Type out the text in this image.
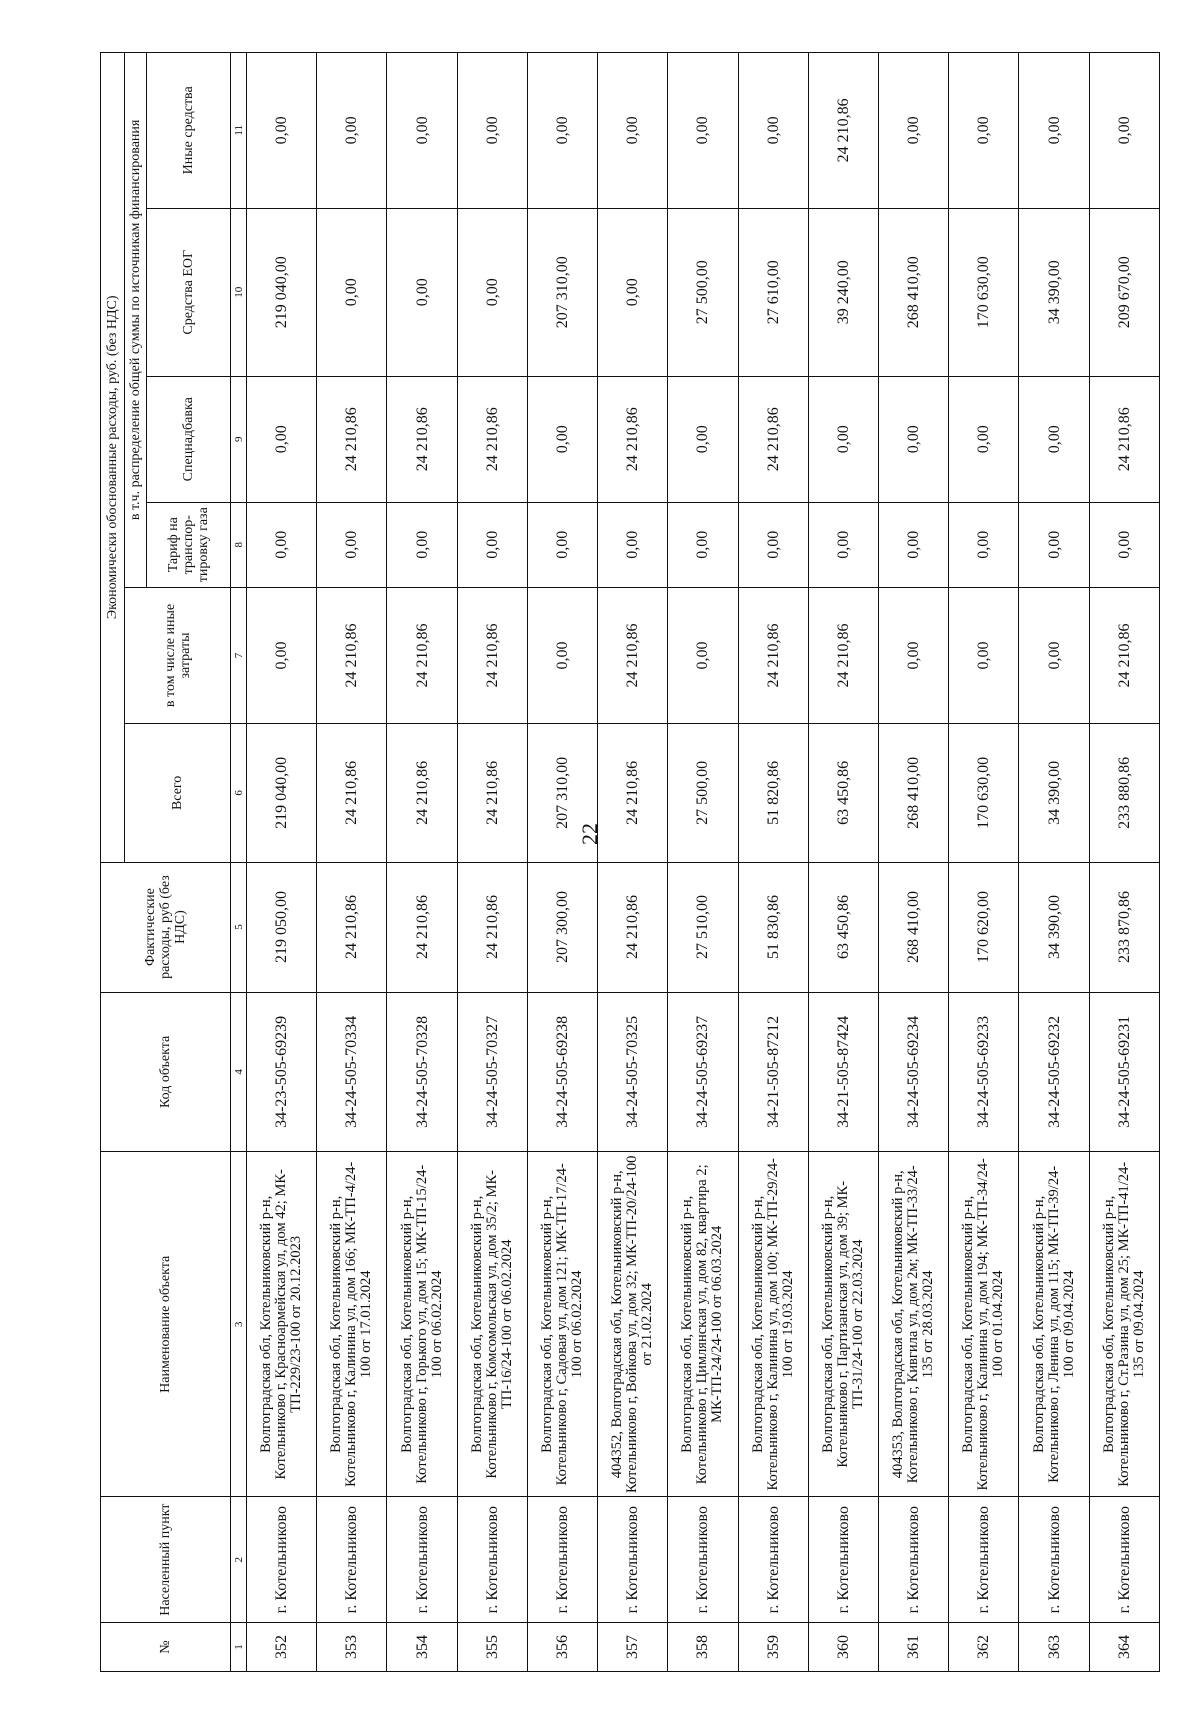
22
№	Населенный пункт	Наименование объекта	Код объекта	Фактические расходы, руб (без НДС)	Экономически обоснованные расходы, руб. (без НДС)					
					Всего	в том числе иные затраты	в т.ч. распределение общей суммы по источникам финансирования			
							Тариф на транспор-тировку газа	Спецнадбавка	Средства ЕОГ	Иные средства
1	2	3	4	5	6	7	8	9	10	11
352	г. Котельниково	Волгоградская обл, Котельниковский р-н, Котельниково г, Красноармейская ул, дом 42; МК-ТП-229/23-100 от 20.12.2023	34-23-505-69239	219 050,00	219 040,00	0,00	0,00	0,00	219 040,00	0,00
353	г. Котельниково	Волгоградская обл, Котельниковский р-н, Котельниково г, Калинина ул, дом 166; МК-ТП-4/24-100 от 17.01.2024	34-24-505-70334	24 210,86	24 210,86	24 210,86	0,00	24 210,86	0,00	0,00
354	г. Котельниково	Волгоградская обл, Котельниковский р-н, Котельниково г, Горького ул, дом 15; МК-ТП-15/24-100 от 06.02.2024	34-24-505-70328	24 210,86	24 210,86	24 210,86	0,00	24 210,86	0,00	0,00
355	г. Котельниково	Волгоградская обл, Котельниковский р-н, Котельниково г, Комсомольская ул, дом 35/2; МК-ТП-16/24-100 от 06.02.2024	34-24-505-70327	24 210,86	24 210,86	24 210,86	0,00	24 210,86	0,00	0,00
356	г. Котельниково	Волгоградская обл, Котельниковский р-н, Котельниково г, Садовая ул, дом 121; МК-ТП-17/24-100 от 06.02.2024	34-24-505-69238	207 300,00	207 310,00	0,00	0,00	0,00	207 310,00	0,00
357	г. Котельниково	404352, Волгоградская обл, Котельниковский р-н, Котельниково г, Войкова ул, дом 32; МК-ТП-20/24-100 от 21.02.2024	34-24-505-70325	24 210,86	24 210,86	24 210,86	0,00	24 210,86	0,00	0,00
358	г. Котельниково	Волгоградская обл, Котельниковский р-н, Котельниково г, Цимлянская ул, дом 82, квартира 2; МК-ТП-24/24-100 от 06.03.2024	34-24-505-69237	27 510,00	27 500,00	0,00	0,00	0,00	27 500,00	0,00
359	г. Котельниково	Волгоградская обл, Котельниковский р-н, Котельниково г, Калинина ул, дом 100; МК-ТП-29/24-100 от 19.03.2024	34-21-505-87212	51 830,86	51 820,86	24 210,86	0,00	24 210,86	27 610,00	0,00
360	г. Котельниково	Волгоградская обл, Котельниковский р-н, Котельниково г, Партизанская ул, дом 39; МК-ТП-31/24-100 от 22.03.2024	34-21-505-87424	63 450,86	63 450,86	24 210,86	0,00	0,00	39 240,00	24 210,86
361	г. Котельниково	404353, Волгоградская обл, Котельниковский р-н, Котельниково г, Кивгила ул, дом 2м; МК-ТП-33/24-135 от 28.03.2024	34-24-505-69234	268 410,00	268 410,00	0,00	0,00	0,00	268 410,00	0,00
362	г. Котельниково	Волгоградская обл, Котельниковский р-н, Котельниково г, Калинина ул, дом 194; МК-ТП-34/24-100 от 01.04.2024	34-24-505-69233	170 620,00	170 630,00	0,00	0,00	0,00	170 630,00	0,00
363	г. Котельниково	Волгоградская обл, Котельниковский р-н, Котельниково г, Ленина ул, дом 115; МК-ТП-39/24-100 от 09.04.2024	34-24-505-69232	34 390,00	34 390,00	0,00	0,00	0,00	34 390,00	0,00
364	г. Котельниково	Волгоградская обл, Котельниковский р-н, Котельниково г, Ст.Разина ул, дом 25; МК-ТП-41/24-135 от 09.04.2024	34-24-505-69231	233 870,86	233 880,86	24 210,86	0,00	24 210,86	209 670,00	0,00
